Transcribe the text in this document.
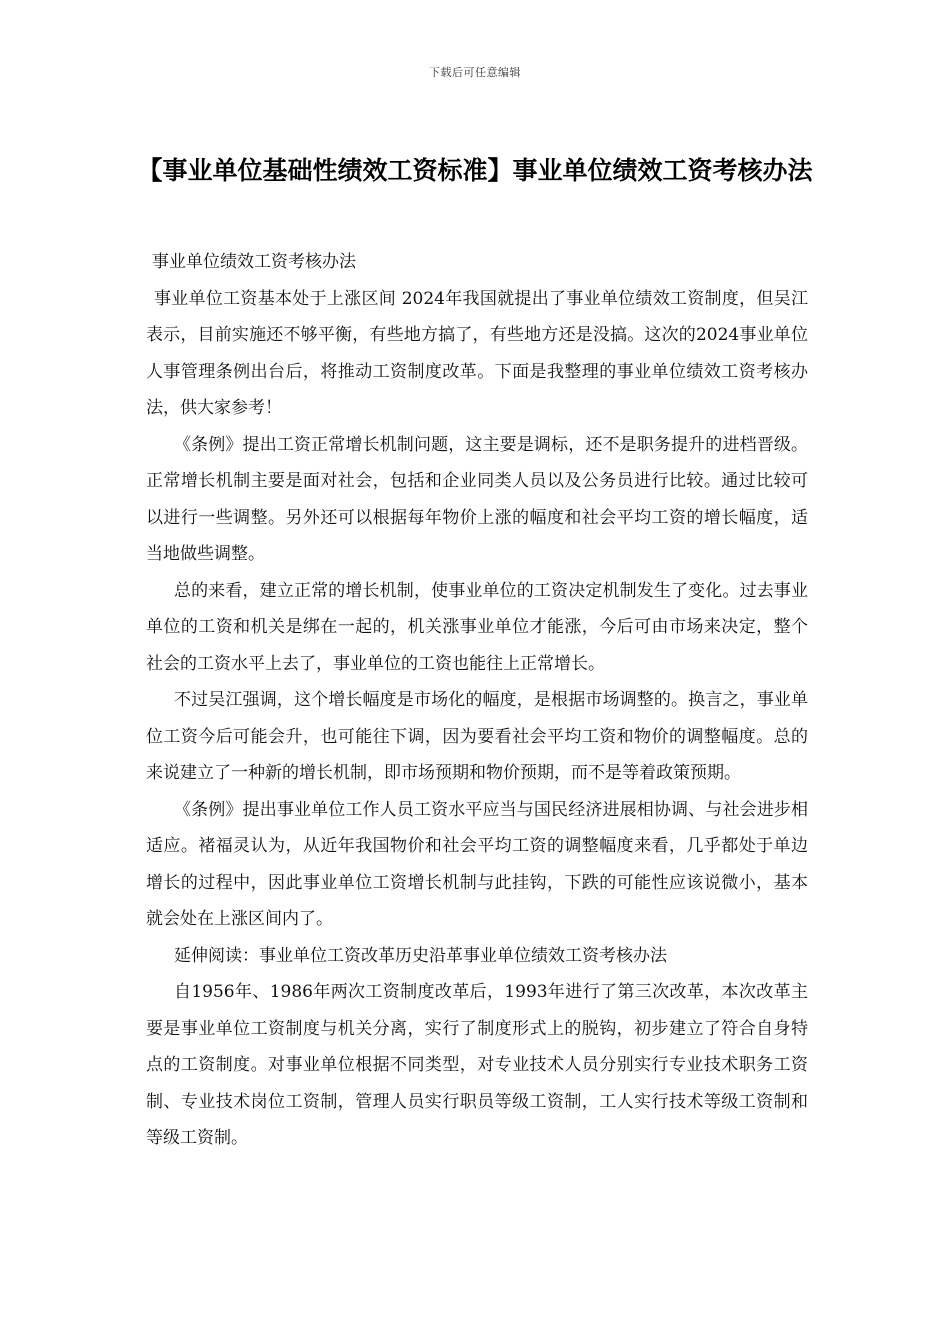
下载后可任意编辑
【事业单位基础性绩效工资标准】事业单位绩效工资考核办法

事业单位绩效工资考核办法

事业单位工资基本处于上涨区间 2024年我国就提出了事业单位绩效工资制度，但吴江表示，目前实施还不够平衡，有些地方搞了，有些地方还是没搞。这次的2024事业单位人事管理条例出台后，将推动工资制度改革。下面是我整理的事业单位绩效工资考核办法，供大家参考！

《条例》提出工资正常增长机制问题，这主要是调标，还不是职务提升的进档晋级。正常增长机制主要是面对社会，包括和企业同类人员以及公务员进行比较。通过比较可以进行一些调整。另外还可以根据每年物价上涨的幅度和社会平均工资的增长幅度，适当地做些调整。

总的来看，建立正常的增长机制，使事业单位的工资决定机制发生了变化。过去事业单位的工资和机关是绑在一起的，机关涨事业单位才能涨，今后可由市场来决定，整个社会的工资水平上去了，事业单位的工资也能往上正常增长。

不过吴江强调，这个增长幅度是市场化的幅度，是根据市场调整的。换言之，事业单位工资今后可能会升，也可能往下调，因为要看社会平均工资和物价的调整幅度。总的来说建立了一种新的增长机制，即市场预期和物价预期，而不是等着政策预期。

《条例》提出事业单位工作人员工资水平应当与国民经济进展相协调、与社会进步相适应。褚福灵认为，从近年我国物价和社会平均工资的调整幅度来看，几乎都处于单边增长的过程中，因此事业单位工资增长机制与此挂钩，下跌的可能性应该说微小，基本就会处在上涨区间内了。

延伸阅读：事业单位工资改革历史沿革事业单位绩效工资考核办法

自1956年、1986年两次工资制度改革后，1993年进行了第三次改革，本次改革主要是事业单位工资制度与机关分离，实行了制度形式上的脱钩，初步建立了符合自身特点的工资制度。对事业单位根据不同类型，对专业技术人员分别实行专业技术职务工资制、专业技术岗位工资制，管理人员实行职员等级工资制，工人实行技术等级工资制和等级工资制。
